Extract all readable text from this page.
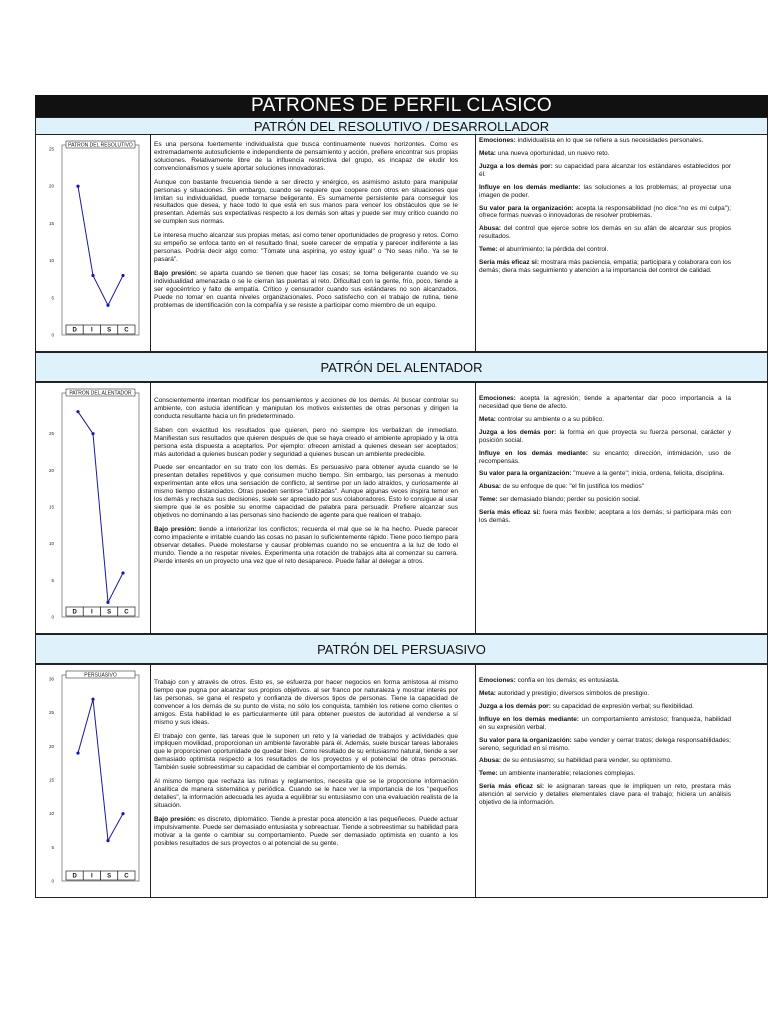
PATRONES DE PERFIL CLASICO
PATRÓN DEL RESOLUTIVO / DESARROLLADOR
PATRON DEL RESOLUTIVO
0
5
10
15
20
25
D I S C

Es una persona fuertemente individualista que busca continuamente nuevos horizontes. Como es extremadamente autosuficiente e independiente de pensamiento y acción, prefiere encontrar sus propias soluciones. Relativamente libre de la influencia restrictiva del grupo, es incapaz de eludir los convencionalismos y suele aportar soluciones innovadoras.

Aunque con bastante frecuencia tiende a ser directo y enérgico, es asimismo astuto para manipular personas y situaciones. Sin embargo, cuando se requiere que coopere con otros en situaciones que limitan su individualidad, puede tornarse beligerante. Es sumamente persistente para conseguir los resultados que desea, y hace todo lo que está en sus manos para vencer los obstáculos que se le presentan. Además sus expectativas respecto a los demás son altas y puede ser muy crítico cuando no se cumplen sus normas.

Le interesa mucho alcanzar sus propias metas, así como tener oportunidades de progreso y retos. Como su empeño se enfoca tanto en el resultado final, suele carecer de empatía y parecer indiferente a las personas. Podría decir algo como: "Tómate una aspirina, yo estoy igual" o "No seas niño. Ya se te pasará".

Bajo presión: se aparta cuando se tienen que hacer las cosas; se torna beligerante cuando ve su individualidad amenazada o se le cierran las puertas al reto. Dificultad con la gente, frío, poco, tiende a ser egocéntrico y falto de empatía. Crítico y censurador cuando sus estándares no son alcanzados. Puede no tomar en cuanta niveles organizacionales. Poco satisfecho con el trabajo de rutina, tiene problemas de identificación con la compañía y se resiste a participar como miembro de un equipo.

Emociones: individualista en lo que se refiere a sus necesidades personales.

Meta: una nueva oportunidad, un nuevo reto.

Juzga a los demás por: su capacidad para alcanzar los estándares establecidos por él.

Influye en los demás mediante: las soluciones a los problemas; al proyectar una imagen de poder.

Su valor para la organización: acepta la responsabilidad (no dice:"no es mi culpa"); ofrece formas nuevas o innovadoras de resolver problemas.

Abusa: del control que ejerce sobre los demás en su afán de alcanzar sus propios resultados.

Teme: el aburrimiento; la pérdida del control.

Sería más eficaz si: mostrara más paciencia, empatía; participara y colaborara con los demás; diera más seguimiento y atención a la importancia del control de calidad.

PATRÓN DEL ALENTADOR
PATRON DEL ALENTADOR
0
5
10
15
20
25
D I S C

Conscientemente intentan modificar los pensamientos y acciones de los demás. Al buscar controlar su ambiente, con astucia identifican y manipulan los motivos existentes de otras personas y dirigen la conducta resultante hacia un fin predeterminado.

Saben con exactitud los resultados que quieren, pero no siempre los verbalizan de inmediato. Manifiestan sus resultados que quieren después de que se haya creado el ambiente apropiado y la otra persona esta dispuesta a aceptarlos. Por ejemplo: ofrecen amistad a quienes desean ser aceptados; más autoridad a quienes buscan poder y seguridad a quienes buscan un ambiente predecible.

Puede ser encantador en su trato con los demás. Es persuasivo para obtener ayuda cuando se le presentan detalles repetitivos y que consumen mucho tiempo. Sin embargo, las personas a menudo experimentan ante ellos una sensación de conflicto, al sentirse por un lado atraídos, y curiosamente al mismo tiempo distanciados. Otras pueden sentirse "utilizadas". Aunque algunas veces inspira temor en los demás y rechaza sus decisiones, suele ser apreciado por sus colaboradores. Esto lo consigue al usar siempre que le es posible su enorme capacidad de palabra para persuadir. Prefiere alcanzar sus objetivos no dominando a las personas sino haciendo de agente para que realicen el trabajo.

Bajo presión: tiende a interiorizar los conflictos; recuerda el mal que se le ha hecho. Puede parecer como impaciente e irritable cuando las cosas no pasan lo suficientemente rápido. Tiene poco tiempo para observar detalles. Puede molestarse y causar problemas cuando no se encuentra a la luz de todo el mundo. Tiende a no respetar niveles. Experimenta una rotación de trabajos alta al comenzar su carrera. Pierde interés en un proyecto una vez que el reto desaparece. Puede fallar al delegar a otros.

Emociones: acepta la agresión; tiende a apartentar dar poco importancia a la necesidad que tiene de afecto.

Meta: controlar su ambiente o a su público.

Juzga a los demás por: la forma en que proyecta su fuerza personal, carácter y posición social.

Influye en los demás mediante: su encanto; dirección, intimidación, uso de recompensas.

Su valor para la organización: "mueve a la gente"; inicia, ordena, felicita, disciplina.

Abusa: de su enfoque de que: "el fin justifica los medios"

Teme: ser demasiado blando; perder su posición social.

Sería más eficaz si: fuera más flexible; aceptara a los demás; si participara más con los demás.

PATRÓN DEL PERSUASIVO
PERSUASIVO
0
5
10
15
20
25
30
D I S C

Trabajo con y através de otros. Esto es, se esfuerza por hacer negocios en forma amistosa al mismo tiempo que pugna por alcanzar sus propios objetivos. al ser franco por naturaleza y mostrar interés por las personas, se gana el respeto y confianza de diversos tipos de personas. Tiene la capacidad de convencer a los demás de su punto de vista, no sólo los conquista, también los retiene como clientes o amigos. Esta habilidad le es particularmente útil para obtener puestos de autoridad al venderse a sí mismo y sus ideas.

El trabajo con gente, las tareas que le suponen un reto y la variedad de trabajos y actividades que impliquen movilidad, proporcionan un ambiente favorable para él. Además, suele buscar tareas laborales que le proporcionen oportunidade de quedar bien. Como resultado de su entusiasmo natural, tiende a ser demasiado optimista respecto a los resultados de los proyectos y el potencial de otras personas. También suele sobreestimar su capacidad de cambiar el comportamiento de los demás.

Al mismo tiempo que rechaza las rutinas y reglamentos, necesita que se le proporcione información analítica de manera sistemática y periódica. Cuando se le hace ver la importancia de los "pequeños detalles", la información adecuada les ayuda a equilibrar su entusiasmo con una evaluación realista de la situación.

Bajo presión: es discreto, diplomático. Tiende a prestar poca atención a las pequeñeces. Puede actuar impulsivamente. Puede ser demasiado entusiasta y sobreactuar. Tiende a sobreestimar su habilidad para motivar a la gente o cambiar su comportamiento. Puede ser demasiado optimista en cuanto a los posibles resultados de sus proyectos o al potencial de su gente.

Emociones: confía en los demás; es entusiasta.

Meta: autoridad y prestigio; diversos símbolos de prestigio.

Juzga a los demás por: su capacidad de expresión verbal; su flexibilidad.

Influye en los demás mediante: un comportamiento amistoso; franqueza, habilidad en su expresión verbal.

Su valor para la organización: sabe vender y cerrar tratos; delega responsabilidades; sereno, seguridad en sí mismo.

Abusa: de su entusiasmo; su habilidad para vender, su optimismo.

Teme: un ambiente inanterable; relaciones complejas.

Sería más eficaz si: le asignaran tareas que le impliquen un reto, prestara más atención al servicio y detalles elementales clave para el trabajo; hiciera un análisis objetivo de la información.
